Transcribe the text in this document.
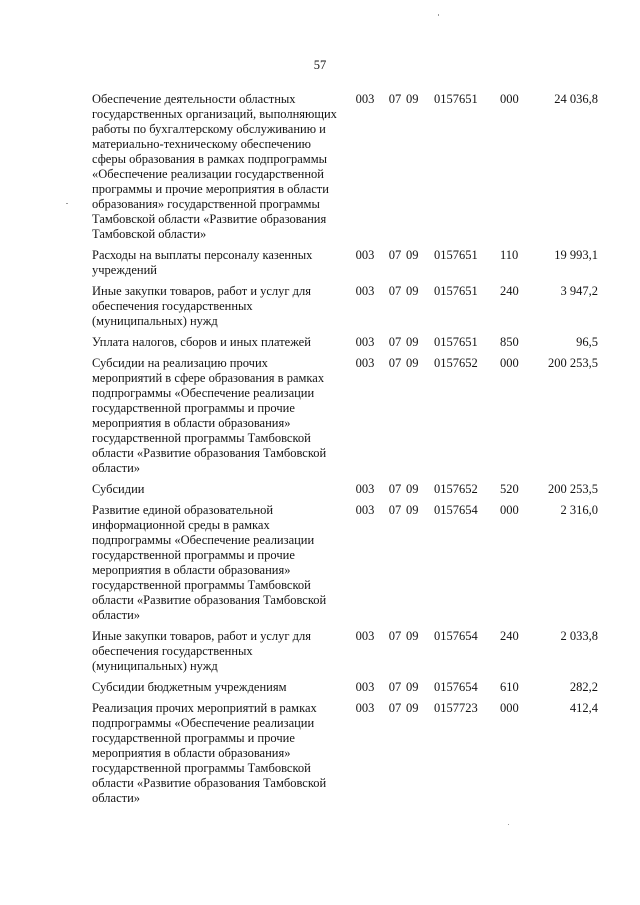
57
Обеспечение деятельности областных государственных организаций, выполняющих работы по бухгалтерскому обслуживанию и материально-техническому обеспечению сферы образования в рамках подпрограммы «Обеспечение реализации государственной программы и прочие мероприятия в области образования» государственной программы Тамбовской области «Развитие образования Тамбовской области»	003	07	09	0157651	000	24 036,8
Расходы на выплаты персоналу казенных учреждений	003	07	09	0157651	110	19 993,1
Иные закупки товаров, работ и услуг для обеспечения государственных (муниципальных) нужд	003	07	09	0157651	240	3 947,2
Уплата налогов, сборов и иных платежей	003	07	09	0157651	850	96,5
Субсидии на реализацию прочих мероприятий в сфере образования в рамках подпрограммы «Обеспечение реализации государственной программы и прочие мероприятия в области образования» государственной программы Тамбовской области «Развитие образования Тамбовской области»	003	07	09	0157652	000	200 253,5
Субсидии	003	07	09	0157652	520	200 253,5
Развитие единой образовательной информационной среды в рамках подпрограммы «Обеспечение реализации государственной программы и прочие мероприятия в области образования» государственной программы Тамбовской области «Развитие образования Тамбовской области»	003	07	09	0157654	000	2 316,0
Иные закупки товаров, работ и услуг для обеспечения государственных (муниципальных) нужд	003	07	09	0157654	240	2 033,8
Субсидии бюджетным учреждениям	003	07	09	0157654	610	282,2
Реализация прочих мероприятий в рамках подпрограммы «Обеспечение реализации государственной программы и прочие мероприятия в области образования» государственной программы Тамбовской области «Развитие образования Тамбовской области»	003	07	09	0157723	000	412,4
